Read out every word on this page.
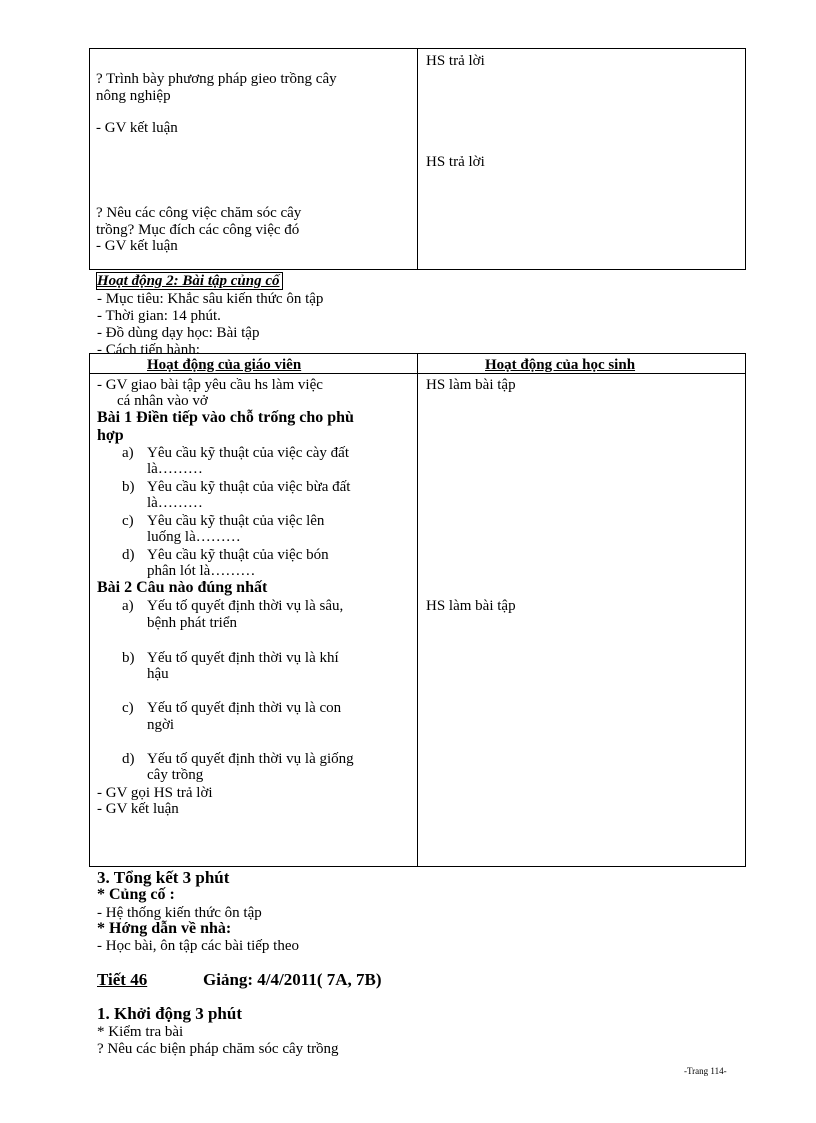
? Trình bày phương pháp gieo trồng cây
nông nghiệp
- GV kết luận
? Nêu các công việc chăm sóc cây
trồng? Mục đích các công việc đó
- GV kết luận
HS trả lời
HS trả lời
Hoạt động 2: Bài tập củng cố
- Mục tiêu: Khắc sâu kiến thức ôn tập
- Thời gian: 14 phút.
- Đồ dùng dạy học: Bài tập
- Cách tiến hành:
Hoạt động của giáo viên	Hoạt động của học sinh
- GV giao bài tập yêu cầu hs làm việc
cá nhân vào vở
Bài 1 Điền tiếp vào chỗ trống cho phù
hợp
a) Yêu cầu kỹ thuật của việc cày đất
là………
b) Yêu cầu kỹ thuật của việc bừa đất
là………
c) Yêu cầu kỹ thuật của việc lên
luống là………
d) Yêu cầu kỹ thuật của việc bón
phân lót là………
Bài 2 Câu nào đúng nhất
a) Yếu tố quyết định thời vụ là sâu,
bệnh phát triển
b) Yếu tố quyết định thời vụ là khí
hậu
c) Yếu tố quyết định thời vụ là con
ngời
d) Yếu tố quyết định thời vụ là giống
cây trồng
- GV gọi HS trả lời
- GV kết luận
HS làm bài tập
HS làm bài tập
3. Tổng kết 3 phút
* Củng cố :
- Hệ thống kiến thức ôn tập
* Hớng dẫn về nhà:
- Học bài, ôn tập các bài tiếp theo
Tiết 46	Giảng: 4/4/2011( 7A, 7B)
1. Khởi động 3 phút
* Kiểm tra bài
? Nêu các biện pháp chăm sóc cây trồng
-Trang 114-
